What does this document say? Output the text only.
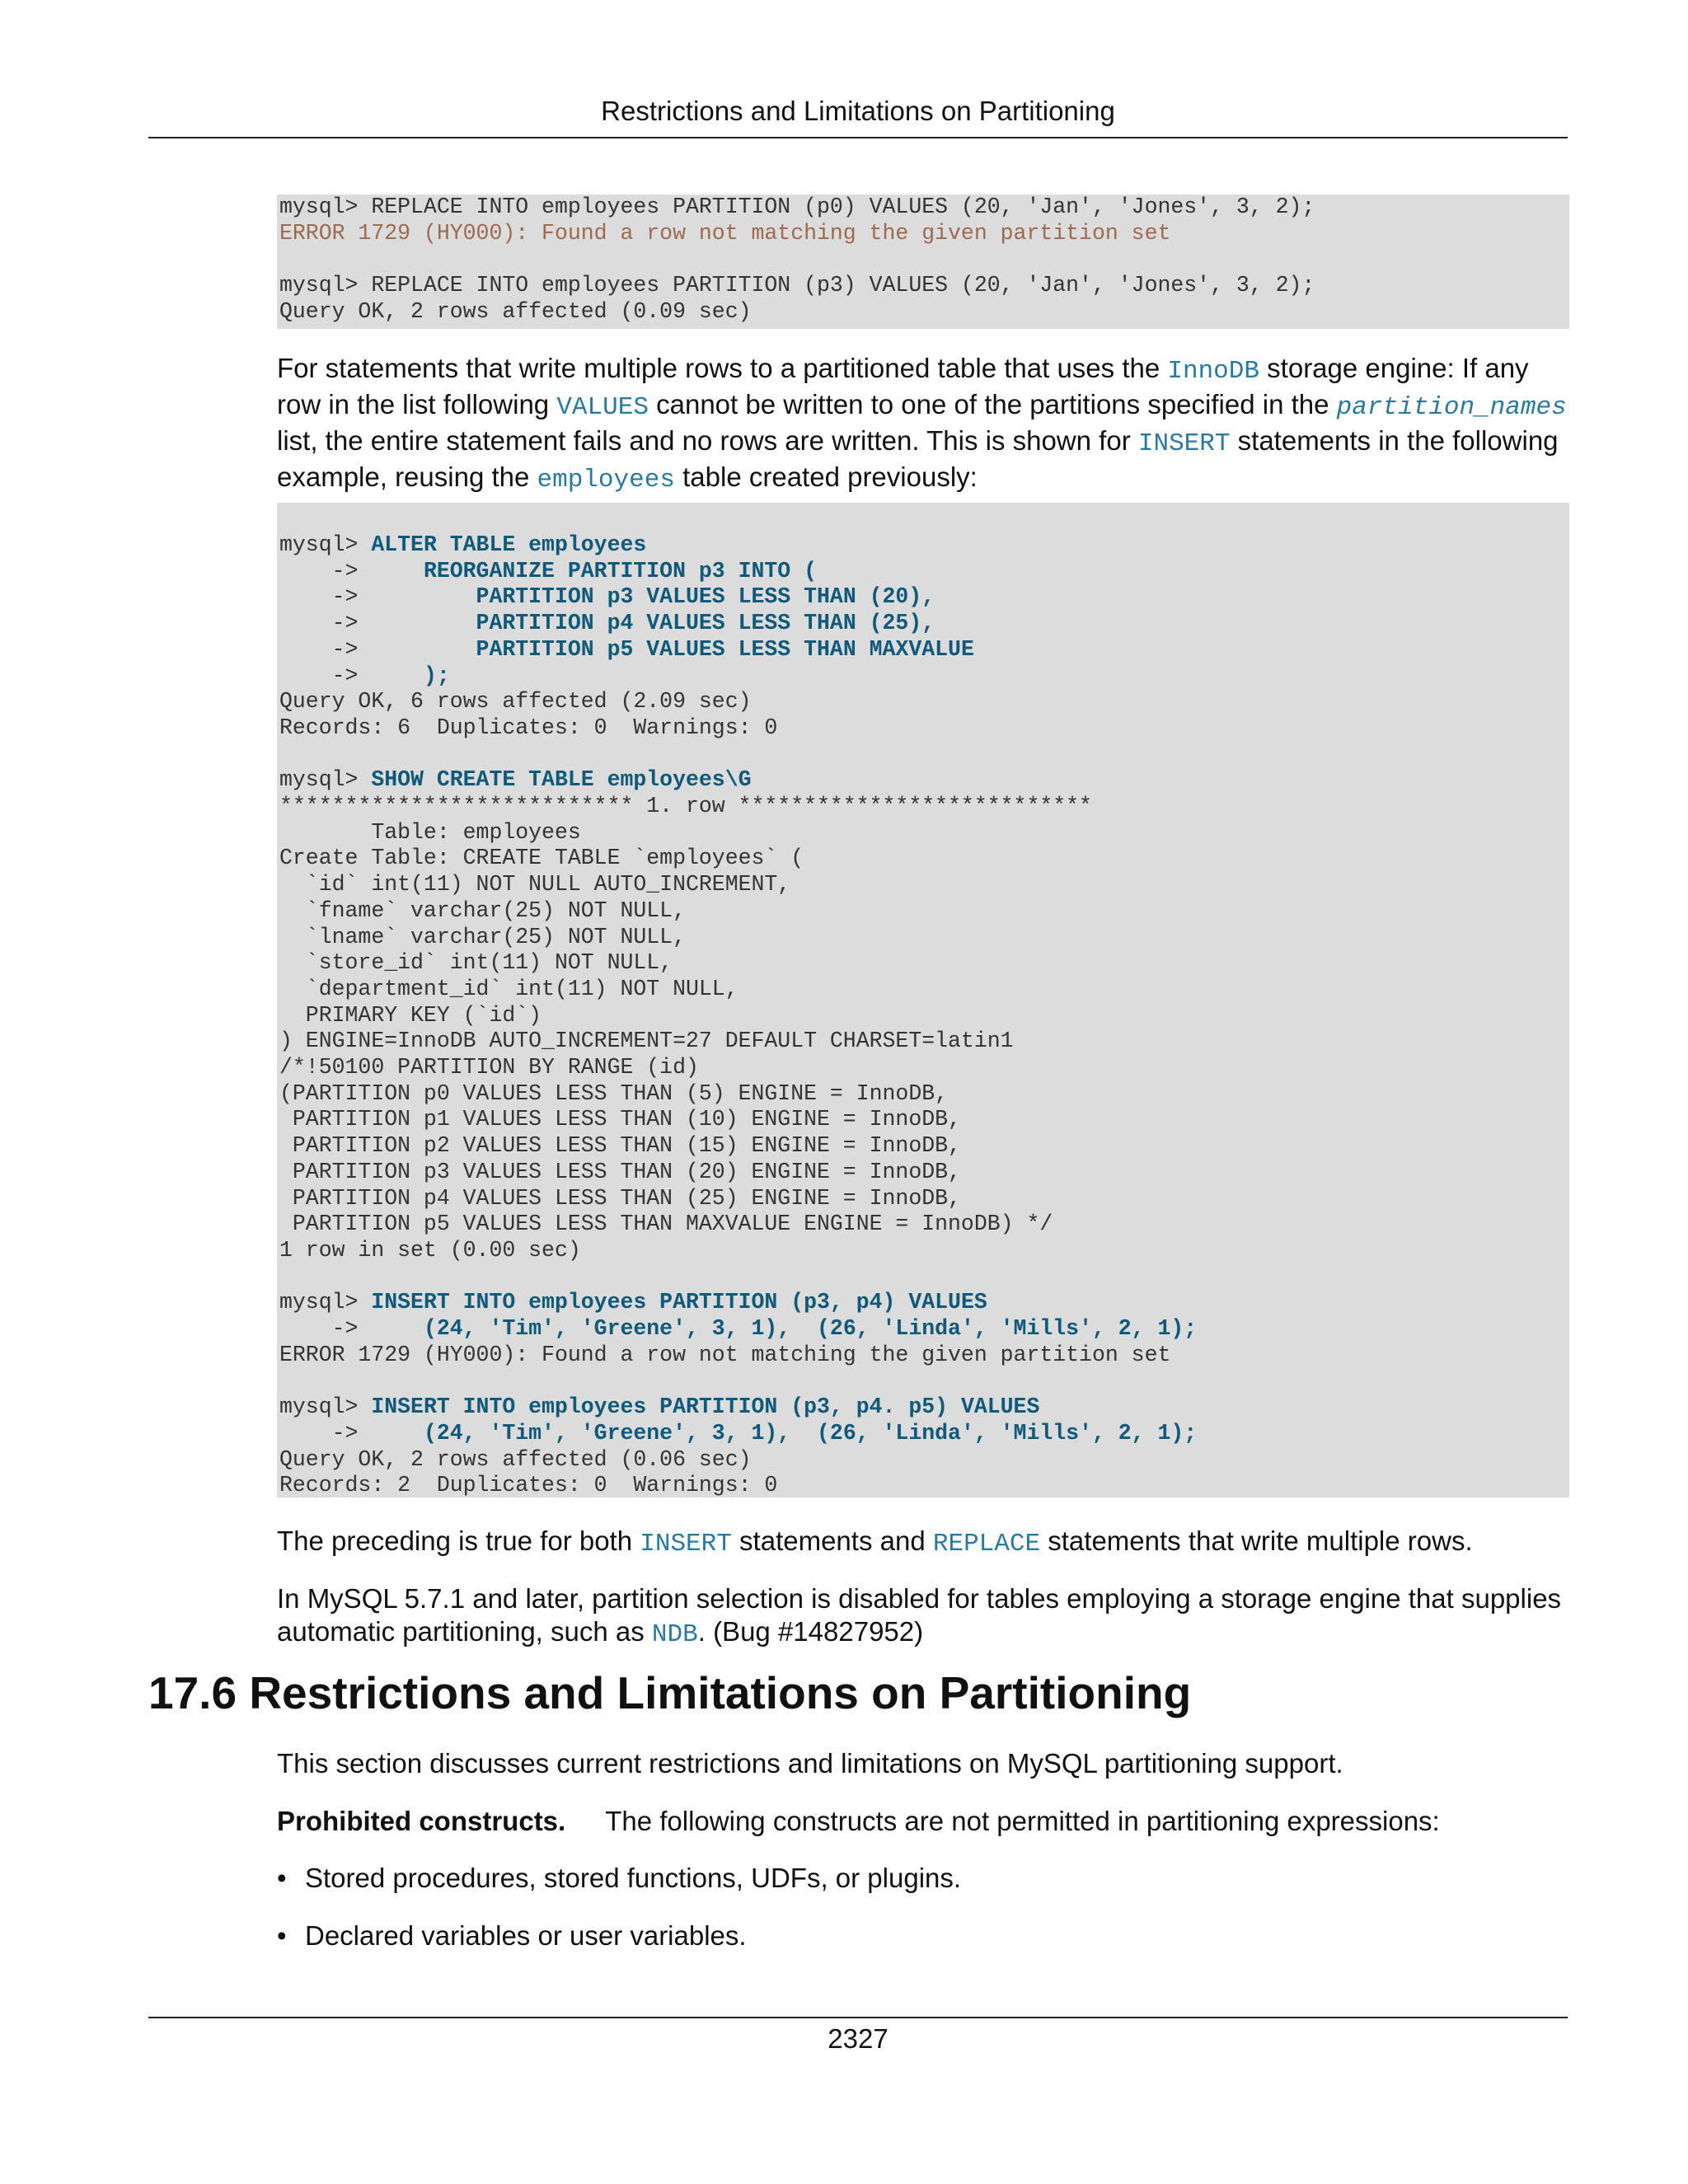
Restrictions and Limitations on Partitioning
mysql> REPLACE INTO employees PARTITION (p0) VALUES (20, 'Jan', 'Jones', 3, 2);
ERROR 1729 (HY000): Found a row not matching the given partition set

mysql> REPLACE INTO employees PARTITION (p3) VALUES (20, 'Jan', 'Jones', 3, 2);
Query OK, 2 rows affected (0.09 sec)
For statements that write multiple rows to a partitioned table that uses the InnoDB storage engine: If any row in the list following VALUES cannot be written to one of the partitions specified in the partition_names list, the entire statement fails and no rows are written. This is shown for INSERT statements in the following example, reusing the employees table created previously:
mysql> ALTER TABLE employees
->     REORGANIZE PARTITION p3 INTO (
->         PARTITION p3 VALUES LESS THAN (20),
->         PARTITION p4 VALUES LESS THAN (25),
->         PARTITION p5 VALUES LESS THAN MAXVALUE
->     );
Query OK, 6 rows affected (2.09 sec)
Records: 6  Duplicates: 0  Warnings: 0

mysql> SHOW CREATE TABLE employees\G
*************************** 1. row ***************************
Table: employees
Create Table: CREATE TABLE `employees` (
`id` int(11) NOT NULL AUTO_INCREMENT,
`fname` varchar(25) NOT NULL,
`lname` varchar(25) NOT NULL,
`store_id` int(11) NOT NULL,
`department_id` int(11) NOT NULL,
PRIMARY KEY (`id`)
) ENGINE=InnoDB AUTO_INCREMENT=27 DEFAULT CHARSET=latin1
/*!50100 PARTITION BY RANGE (id)
(PARTITION p0 VALUES LESS THAN (5) ENGINE = InnoDB,
PARTITION p1 VALUES LESS THAN (10) ENGINE = InnoDB,
PARTITION p2 VALUES LESS THAN (15) ENGINE = InnoDB,
PARTITION p3 VALUES LESS THAN (20) ENGINE = InnoDB,
PARTITION p4 VALUES LESS THAN (25) ENGINE = InnoDB,
PARTITION p5 VALUES LESS THAN MAXVALUE ENGINE = InnoDB) */
1 row in set (0.00 sec)

mysql> INSERT INTO employees PARTITION (p3, p4) VALUES
->     (24, 'Tim', 'Greene', 3, 1),  (26, 'Linda', 'Mills', 2, 1);
ERROR 1729 (HY000): Found a row not matching the given partition set

mysql> INSERT INTO employees PARTITION (p3, p4. p5) VALUES
->     (24, 'Tim', 'Greene', 3, 1),  (26, 'Linda', 'Mills', 2, 1);
Query OK, 2 rows affected (0.06 sec)
Records: 2  Duplicates: 0  Warnings: 0
The preceding is true for both INSERT statements and REPLACE statements that write multiple rows.
In MySQL 5.7.1 and later, partition selection is disabled for tables employing a storage engine that supplies automatic partitioning, such as NDB. (Bug #14827952)
17.6 Restrictions and Limitations on Partitioning
This section discusses current restrictions and limitations on MySQL partitioning support.
Prohibited constructs. The following constructs are not permitted in partitioning expressions:
• Stored procedures, stored functions, UDFs, or plugins.
• Declared variables or user variables.
2327
